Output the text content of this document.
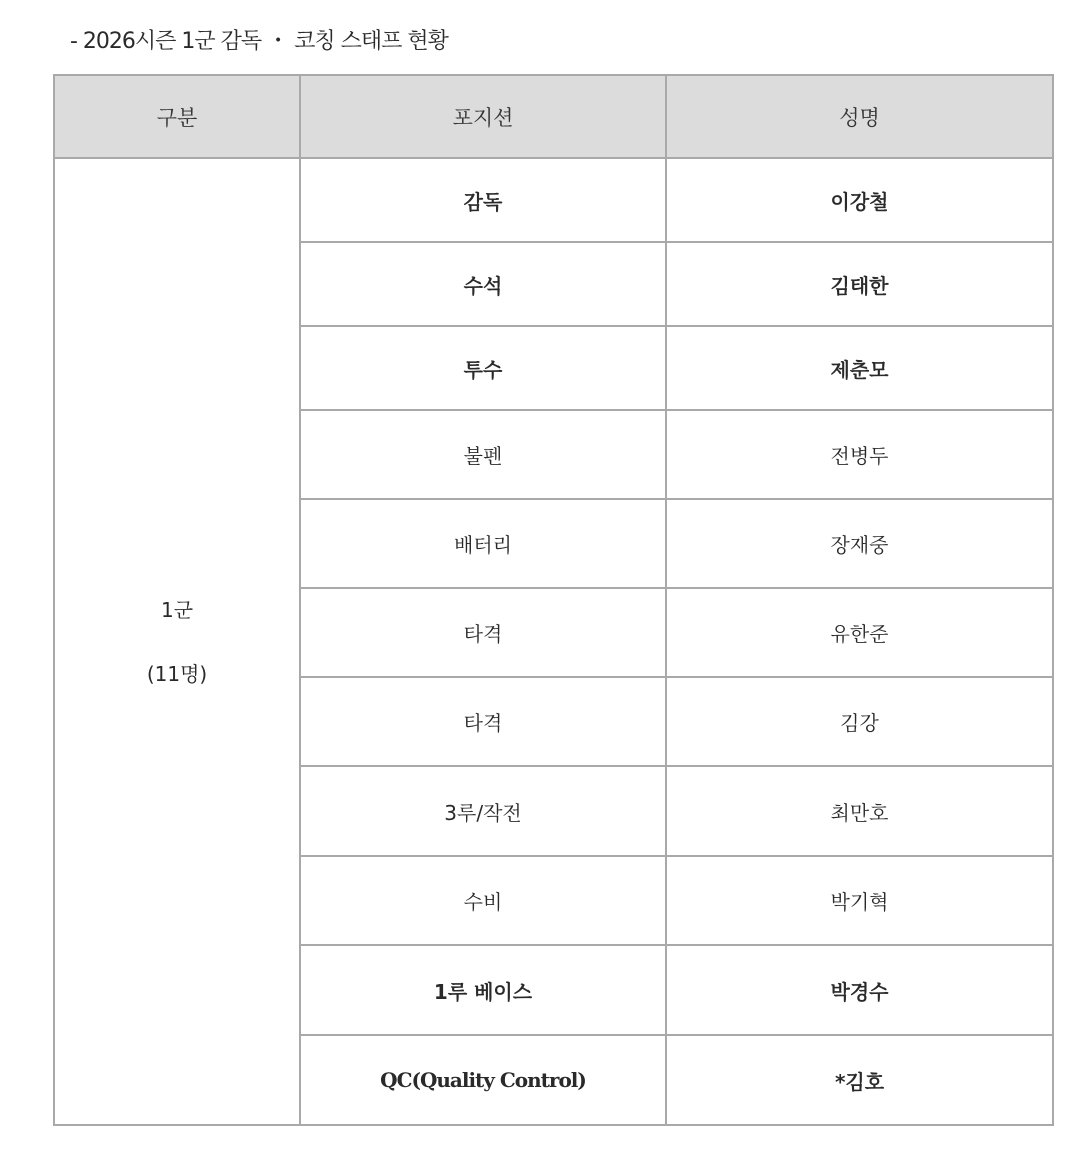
- 2026시즌 1군 감독 ・ 코칭 스태프 현황
구분	포지션	성명

1군
(11명)	감독	이강철
	수석	김태한
	투수	제춘모
	불펜	전병두
	배터리	장재중
	타격	유한준
	타격	김강
	3루/작전	최만호
	수비	박기혁
	1루 베이스	박경수
	QC(Quality Control)	*김호
